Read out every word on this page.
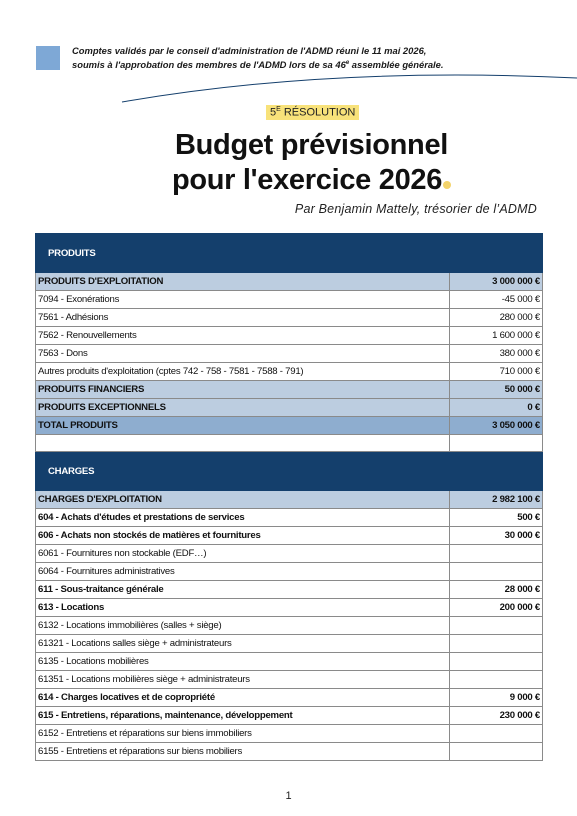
Comptes validés par le conseil d'administration de l'ADMD réuni le 11 mai 2026,
soumis à l'approbation des membres de l'ADMD lors de sa 46e assemblée générale.
$5^E$ RÉSOLUTION
Budget prévisionnel
pour l'exercice 2026
Par Benjamin Mattely, trésorier de l’ADMD
PRODUITS	
PRODUITS D'EXPLOITATION	3 000 000 €
7094 - Exonérations	-45 000 €
7561 - Adhésions	280 000 €
7562 - Renouvellements	1 600 000 €
7563 - Dons	380 000 €
Autres produits d'exploitation (cptes 742 - 758 - 7581 - 7588 - 791)	710 000 €
PRODUITS FINANCIERS	50 000 €
PRODUITS EXCEPTIONNELS	0 €
TOTAL PRODUITS	3 050 000 €

CHARGES	
CHARGES D'EXPLOITATION	2 982 100 €
604 - Achats d'études et prestations de services	500 €
606 - Achats non stockés de matières et fournitures	30 000 €
6061 - Fournitures non stockable (EDF…)	
6064 - Fournitures administratives	
611 - Sous-traitance générale	28 000 €
613 - Locations	200 000 €
6132 - Locations immobilières (salles + siège)	
61321 - Locations salles siège + administrateurs	
6135 - Locations mobilières	
61351 - Locations mobilières siège + administrateurs	
614 - Charges locatives et de copropriété	9 000 €
615 - Entretiens, réparations, maintenance, développement	230 000 €
6152 - Entretiens et réparations sur biens immobiliers	
6155 - Entretiens et réparations sur biens mobiliers	
1
